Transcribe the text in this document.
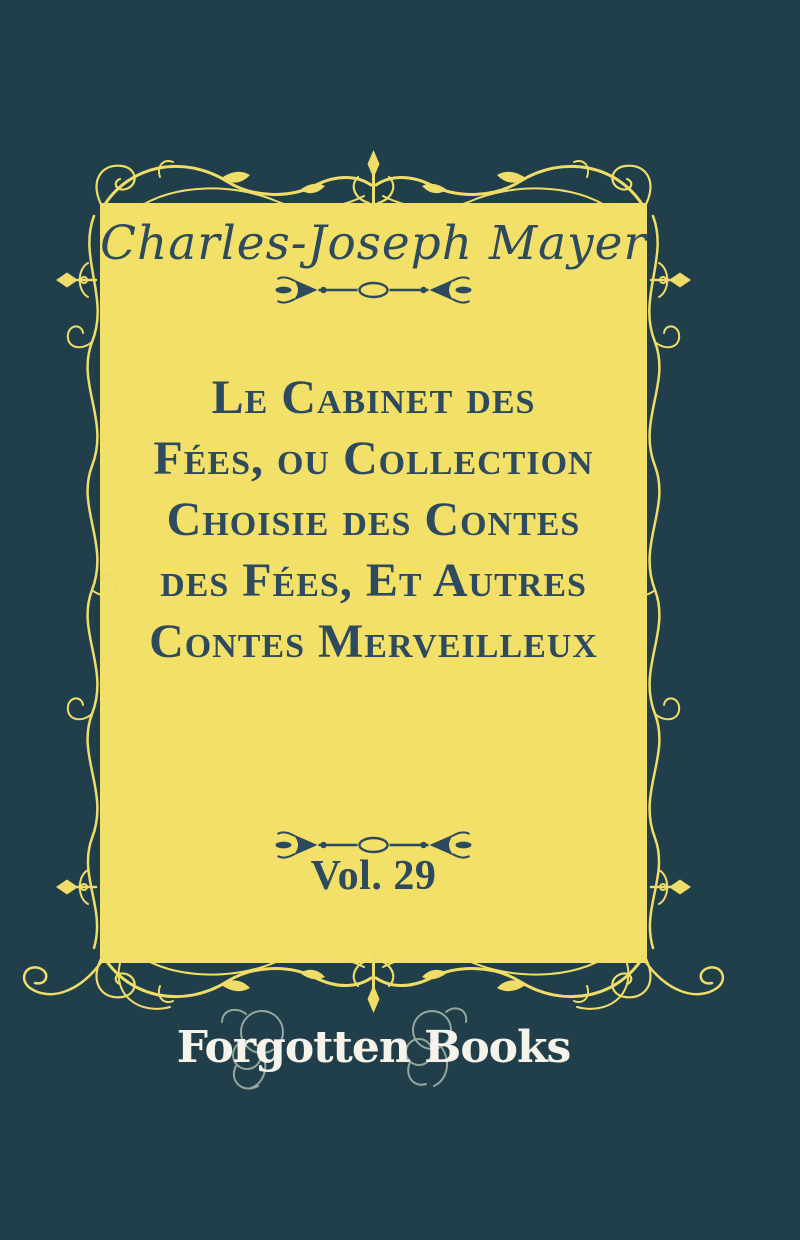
Charles-Joseph Mayer
Le Cabinet des
Fées, ou Collection
Choisie des Contes
des Fées, Et Autres
Contes Merveilleux
Vol. 29
Forgotten Books
